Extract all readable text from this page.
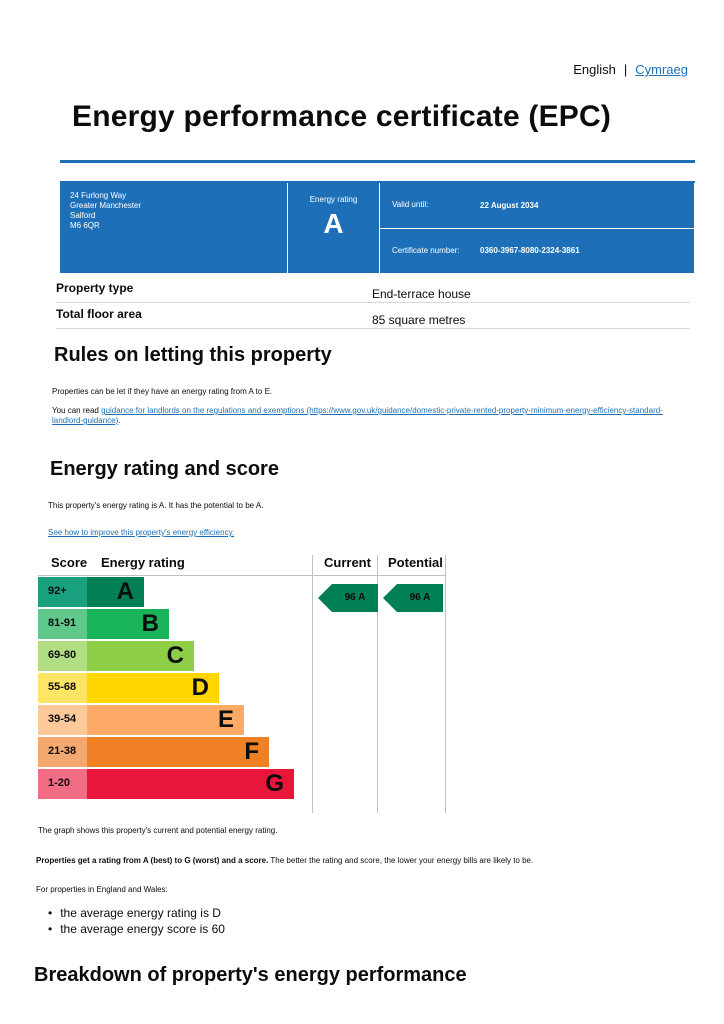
English | Cymraeg
Energy performance certificate (EPC)
24 Furlong Way
Greater Manchester
Salford
M6 6QR
Energy rating
A
Valid until:	22 August 2034
Certificate number:	0360-3967-8080-2324-3861
Property type	End-terrace house
Total floor area	85 square metres
Rules on letting this property

Properties can be let if they have an energy rating from A to E.

You can read guidance for landlords on the regulations and exemptions (https://www.gov.uk/guidance/domestic-private-rented-property-minimum-energy-efficiency-standard-landlord-guidance).

Energy rating and score

This property's energy rating is A. It has the potential to be A.

See how to improve this property's energy efficiency.

Score Energy rating	Current Potential
92+	A
81-91	B
69-80	C
55-68	D
39-54	E
21-38	F
1-20	G
96 A	96 A

The graph shows this property's current and potential energy rating.

Properties get a rating from A (best) to G (worst) and a score. The better the rating and score, the lower your energy bills are likely to be.

For properties in England and Wales:

• the average energy rating is D
• the average energy score is 60
Breakdown of property's energy performance
